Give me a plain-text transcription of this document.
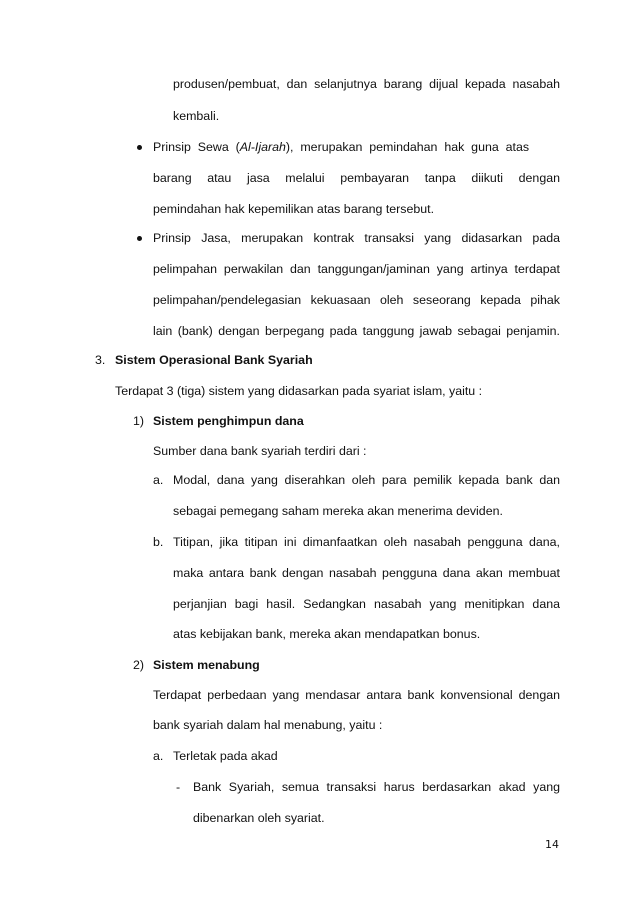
produsen/pembuat, dan selanjutnya barang dijual kepada nasabah
kembali.
Prinsip  Sewa  (Al-Ijarah),  merupakan  pemindahan  hak  guna  atas
barang atau jasa melalui pembayaran tanpa diikuti dengan
pemindahan hak kepemilikan atas barang tersebut.
Prinsip Jasa, merupakan kontrak transaksi yang didasarkan pada
pelimpahan perwakilan dan tanggungan/jaminan yang artinya terdapat
pelimpahan/pendelegasian kekuasaan oleh seseorang kepada pihak
lain (bank) dengan berpegang pada tanggung jawab sebagai penjamin.
3. Sistem Operasional Bank Syariah
Terdapat 3 (tiga) sistem yang didasarkan pada syariat islam, yaitu :
1) Sistem penghimpun dana
Sumber dana bank syariah terdiri dari :
a. Modal, dana yang diserahkan oleh para pemilik kepada bank dan
sebagai pemegang saham mereka akan menerima deviden.
b. Titipan, jika titipan ini dimanfaatkan oleh nasabah pengguna dana,
maka antara bank dengan nasabah pengguna dana akan membuat
perjanjian bagi hasil. Sedangkan nasabah yang menitipkan dana
atas kebijakan bank, mereka akan mendapatkan bonus.
2) Sistem menabung
Terdapat perbedaan yang mendasar antara bank konvensional dengan
bank syariah dalam hal menabung, yaitu :
a. Terletak pada akad
- Bank Syariah, semua transaksi harus berdasarkan akad yang
dibenarkan oleh syariat.
14
